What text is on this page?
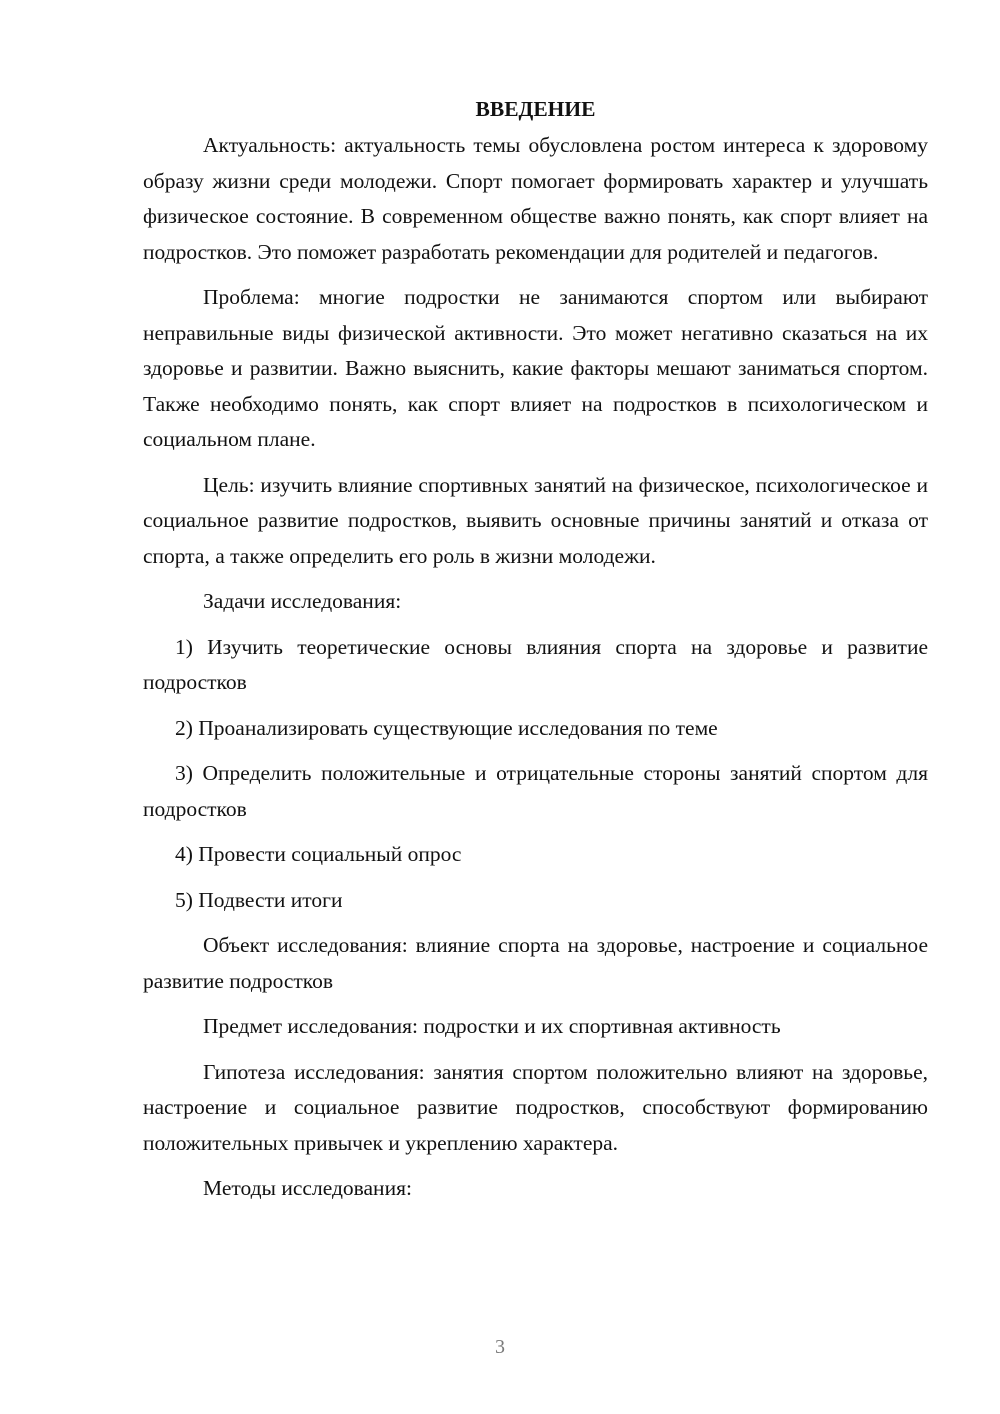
ВВЕДЕНИЕ

Актуальность: актуальность темы обусловлена ростом интереса к здоровому образу жизни среди молодежи. Спорт помогает формировать характер и улучшать физическое состояние. В современном обществе важно понять, как спорт влияет на подростков. Это поможет разработать рекомендации для родителей и педагогов.

Проблема: многие подростки не занимаются спортом или выбирают неправильные виды физической активности. Это может негативно сказаться на их здоровье и развитии. Важно выяснить, какие факторы мешают заниматься спортом. Также необходимо понять, как спорт влияет на подростков в психологическом и социальном плане.

Цель: изучить влияние спортивных занятий на физическое, психологическое и социальное развитие подростков, выявить основные причины занятий и отказа от спорта, а также определить его роль в жизни молодежи.

Задачи исследования:

1) Изучить теоретические основы влияния спорта на здоровье и развитие подростков

2) Проанализировать существующие исследования по теме

3) Определить положительные и отрицательные стороны занятий спортом для подростков

4) Провести социальный опрос

5) Подвести итоги

Объект исследования: влияние спорта на здоровье, настроение и социальное развитие подростков

Предмет исследования: подростки и их спортивная активность

Гипотеза исследования: занятия спортом положительно влияют на здоровье, настроение и социальное развитие подростков, способствуют формированию положительных привычек и укреплению характера.

Методы исследования:

3
